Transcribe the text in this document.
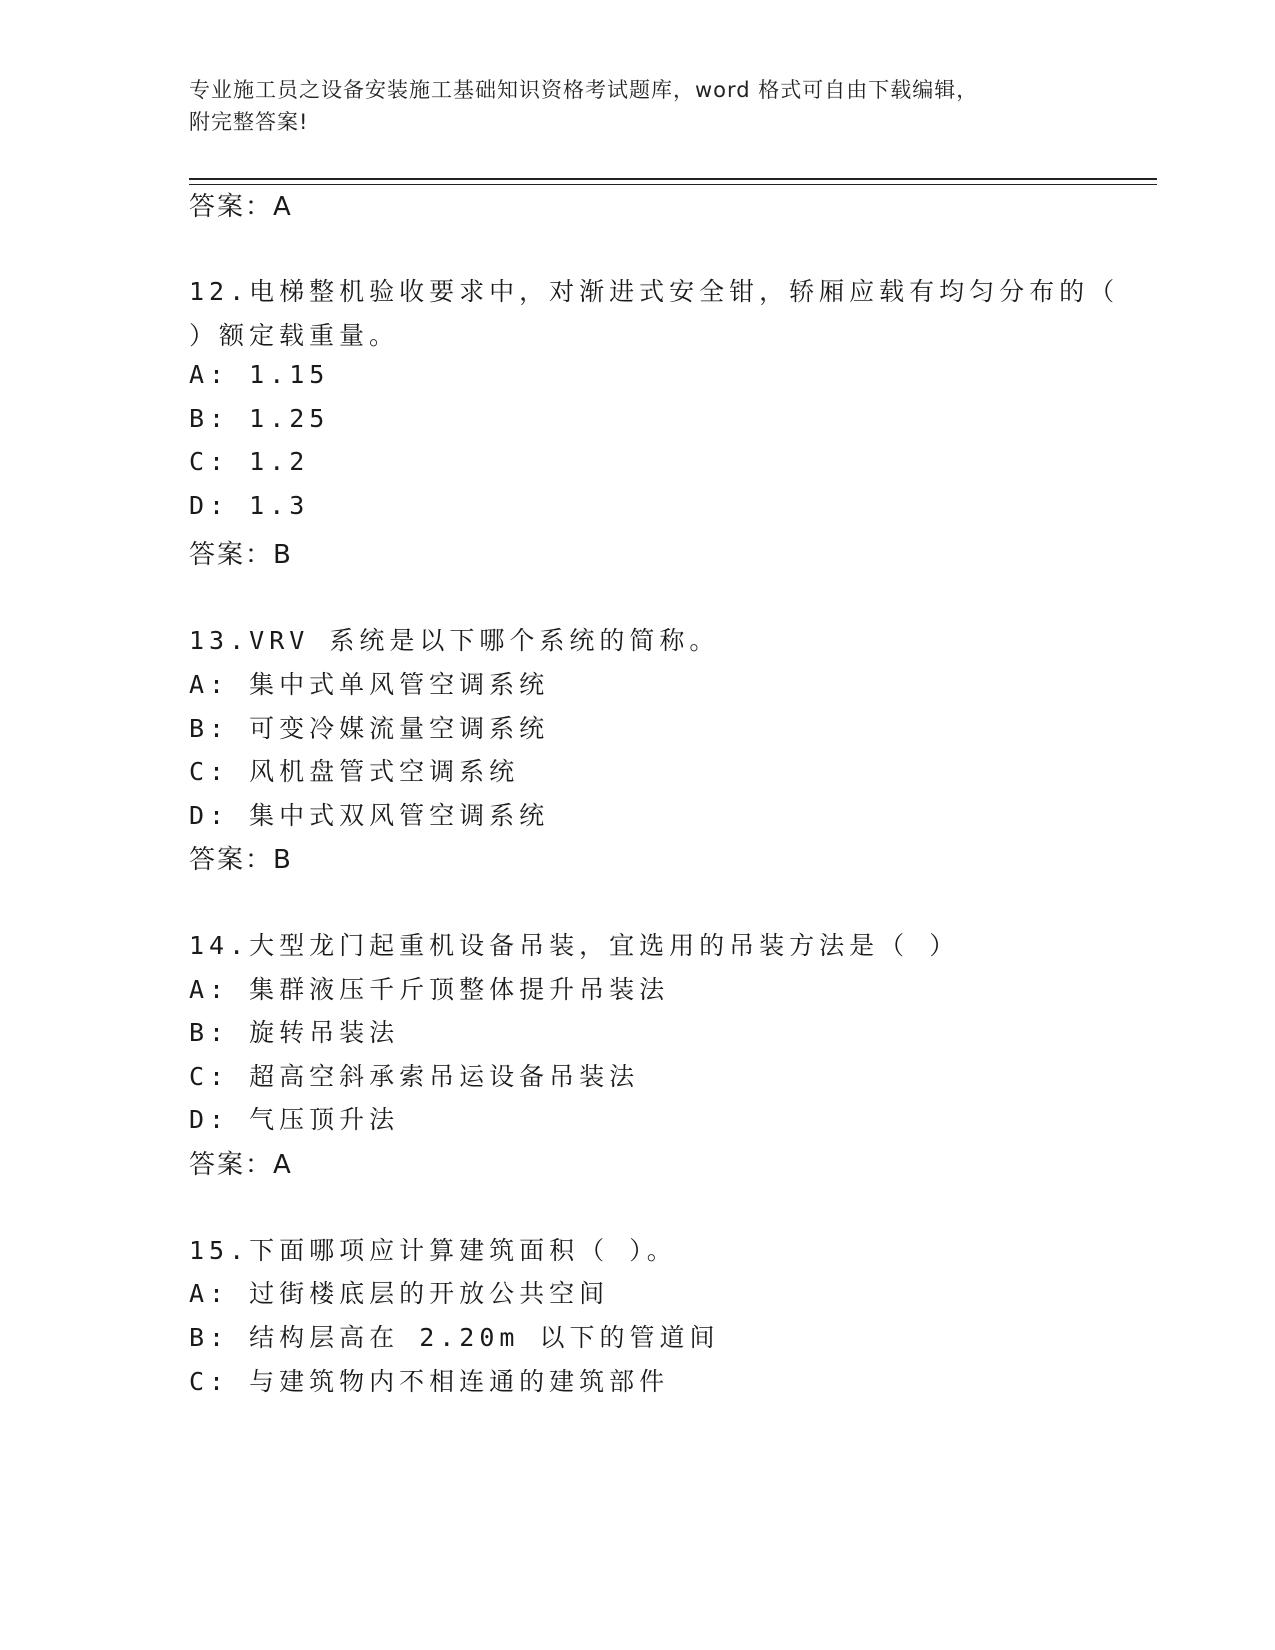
专业施工员之设备安装施工基础知识资格考试题库，word 格式可自由下载编辑，
附完整答案!
答案：A
12.电梯整机验收要求中，对渐进式安全钳，轿厢应载有均匀分布的（
）额定载重量。
A: 1.15
B: 1.25
C: 1.2
D: 1.3
答案：B
13.VRV 系统是以下哪个系统的简称。
A: 集中式单风管空调系统
B: 可变冷媒流量空调系统
C: 风机盘管式空调系统
D: 集中式双风管空调系统
答案：B
14.大型龙门起重机设备吊装，宜选用的吊装方法是（ ）
A: 集群液压千斤顶整体提升吊装法
B: 旋转吊装法
C: 超高空斜承索吊运设备吊装法
D: 气压顶升法
答案：A
15.下面哪项应计算建筑面积（ ）。
A: 过街楼底层的开放公共空间
B: 结构层高在 2.20m 以下的管道间
C: 与建筑物内不相连通的建筑部件
